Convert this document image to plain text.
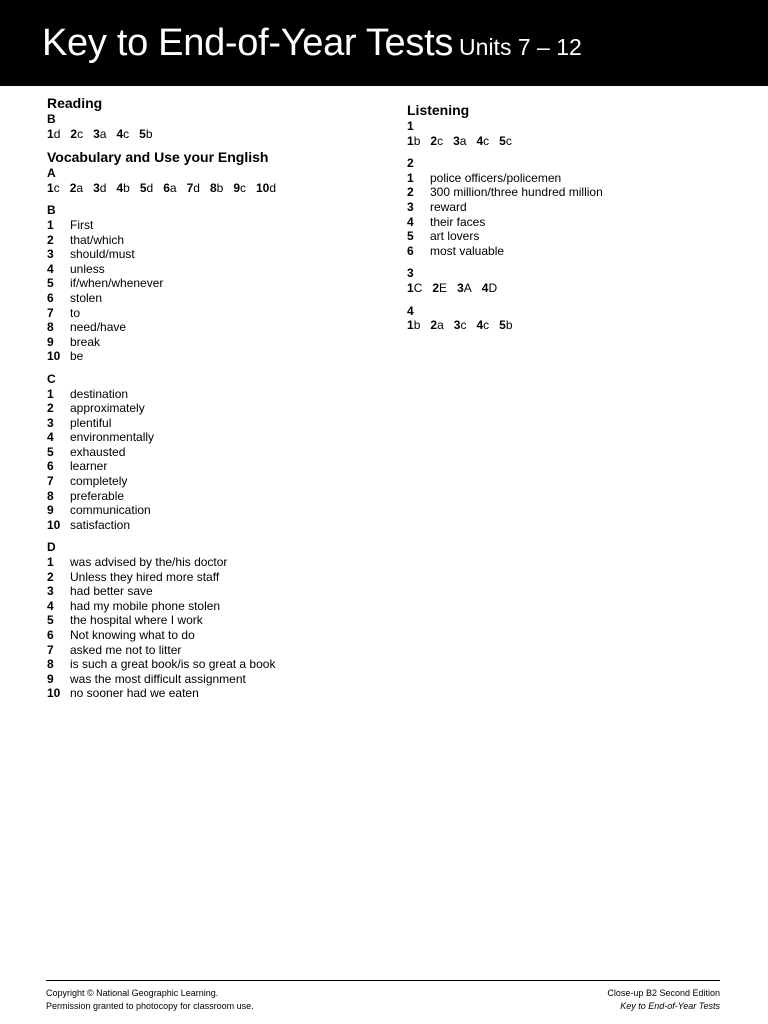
Key to End-of-Year Tests Units 7 – 12
Reading
B
1d 2c 3a 4c 5b
Vocabulary and Use your English
A
1c 2a 3d 4b 5d 6a 7d 8b 9c 10d
B
1	First
2	that/which
3	should/must
4	unless
5	if/when/whenever
6	stolen
7	to
8	need/have
9	break
10 be
C
1	destination
2	approximately
3	plentiful
4	environmentally
5	exhausted
6	learner
7	completely
8	preferable
9	communication
10 satisfaction
D
1	was advised by the/his doctor
2	Unless they hired more staff
3	had better save
4	had my mobile phone stolen
5	the hospital where I work
6	Not knowing what to do
7	asked me not to litter
8	is such a great book/is so great a book
9	was the most difficult assignment
10 no sooner had we eaten
Listening
1
1b 2c 3a 4c 5c
2
1	police officers/policemen
2	300 million/three hundred million
3	reward
4	their faces
5	art lovers
6	most valuable
3
1C 2E 3A 4D
4
1b 2a 3c 4c 5b
Copyright © National Geographic Learning.
Permission granted to photocopy for classroom use.
Close-up B2 Second Edition
Key to End-of-Year Tests
